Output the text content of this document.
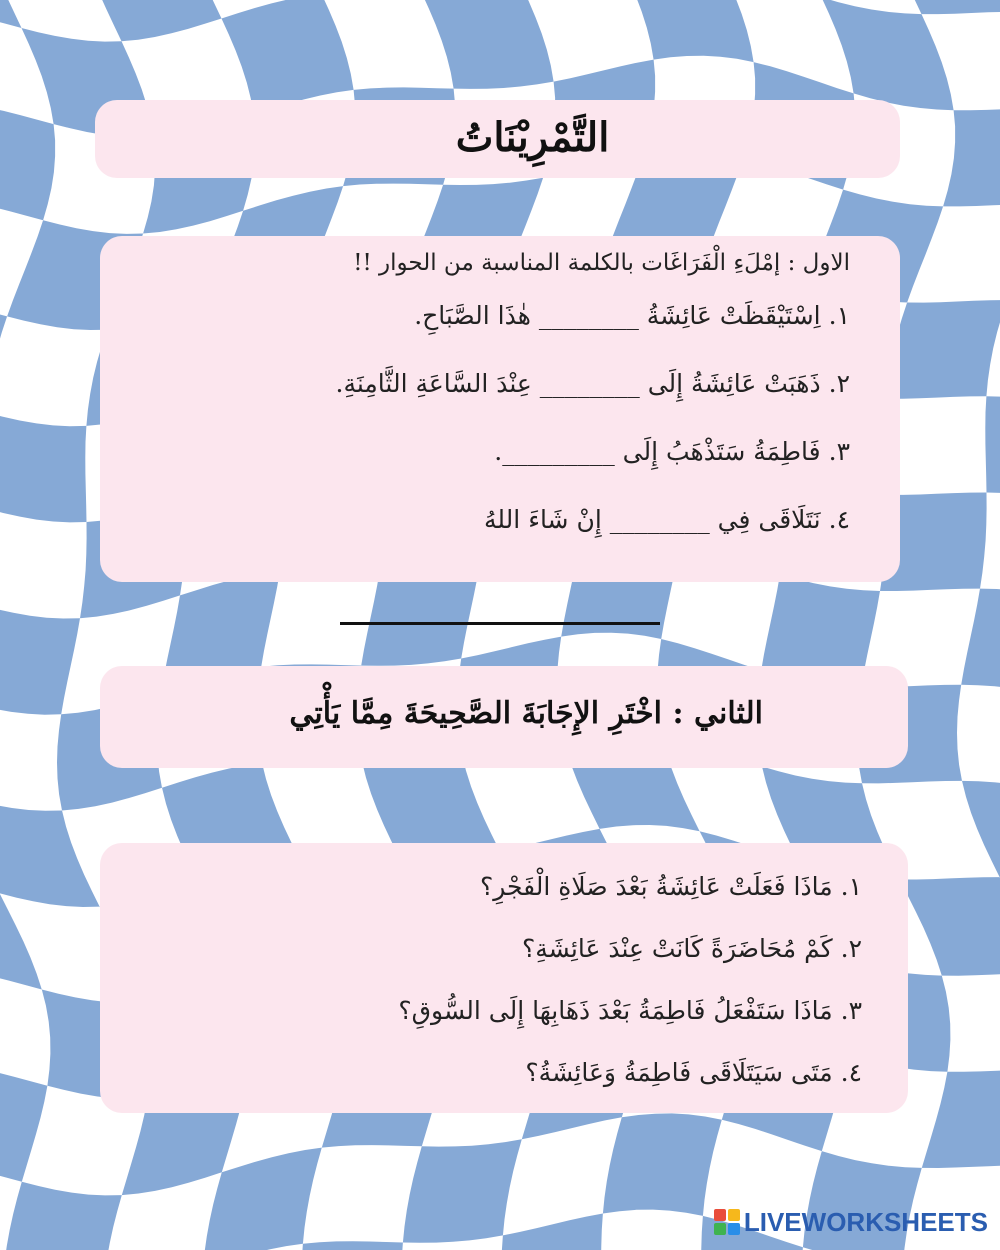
التَّمْرِيْنَاتُ
الاول : إمْلَءِ الْفَرَاغَات بالكلمة المناسبة من الحوار !!
١.اِسْتَيْقَظَتْ عَائِشَةُ ________ هٰذَا الصَّبَاحِ.
٢.ذَهَبَتْ عَائِشَةُ إِلَى ________ عِنْدَ السَّاعَةِ الثَّامِنَةِ.
٣.فَاطِمَةُ سَتَذْهَبُ إِلَى _________.
٤.نَتَلَاقَى فِي ________ إِنْ شَاءَ اللهُ
الثاني : اخْتَرِ الإِجَابَةَ الصَّحِيحَةَ مِمَّا يَأْتِي
١.مَاذَا فَعَلَتْ عَائِشَةُ بَعْدَ صَلَاةِ الْفَجْرِ؟
٢.كَمْ مُحَاضَرَةً كَانَتْ عِنْدَ عَائِشَةِ؟
٣.مَاذَا سَتَفْعَلُ فَاطِمَةُ بَعْدَ ذَهَابِهَا إِلَى السُّوقِ؟
٤.مَتَى سَيَتَلَاقَى فَاطِمَةُ وَعَائِشَةُ؟
LIVEWORKSHEETS
